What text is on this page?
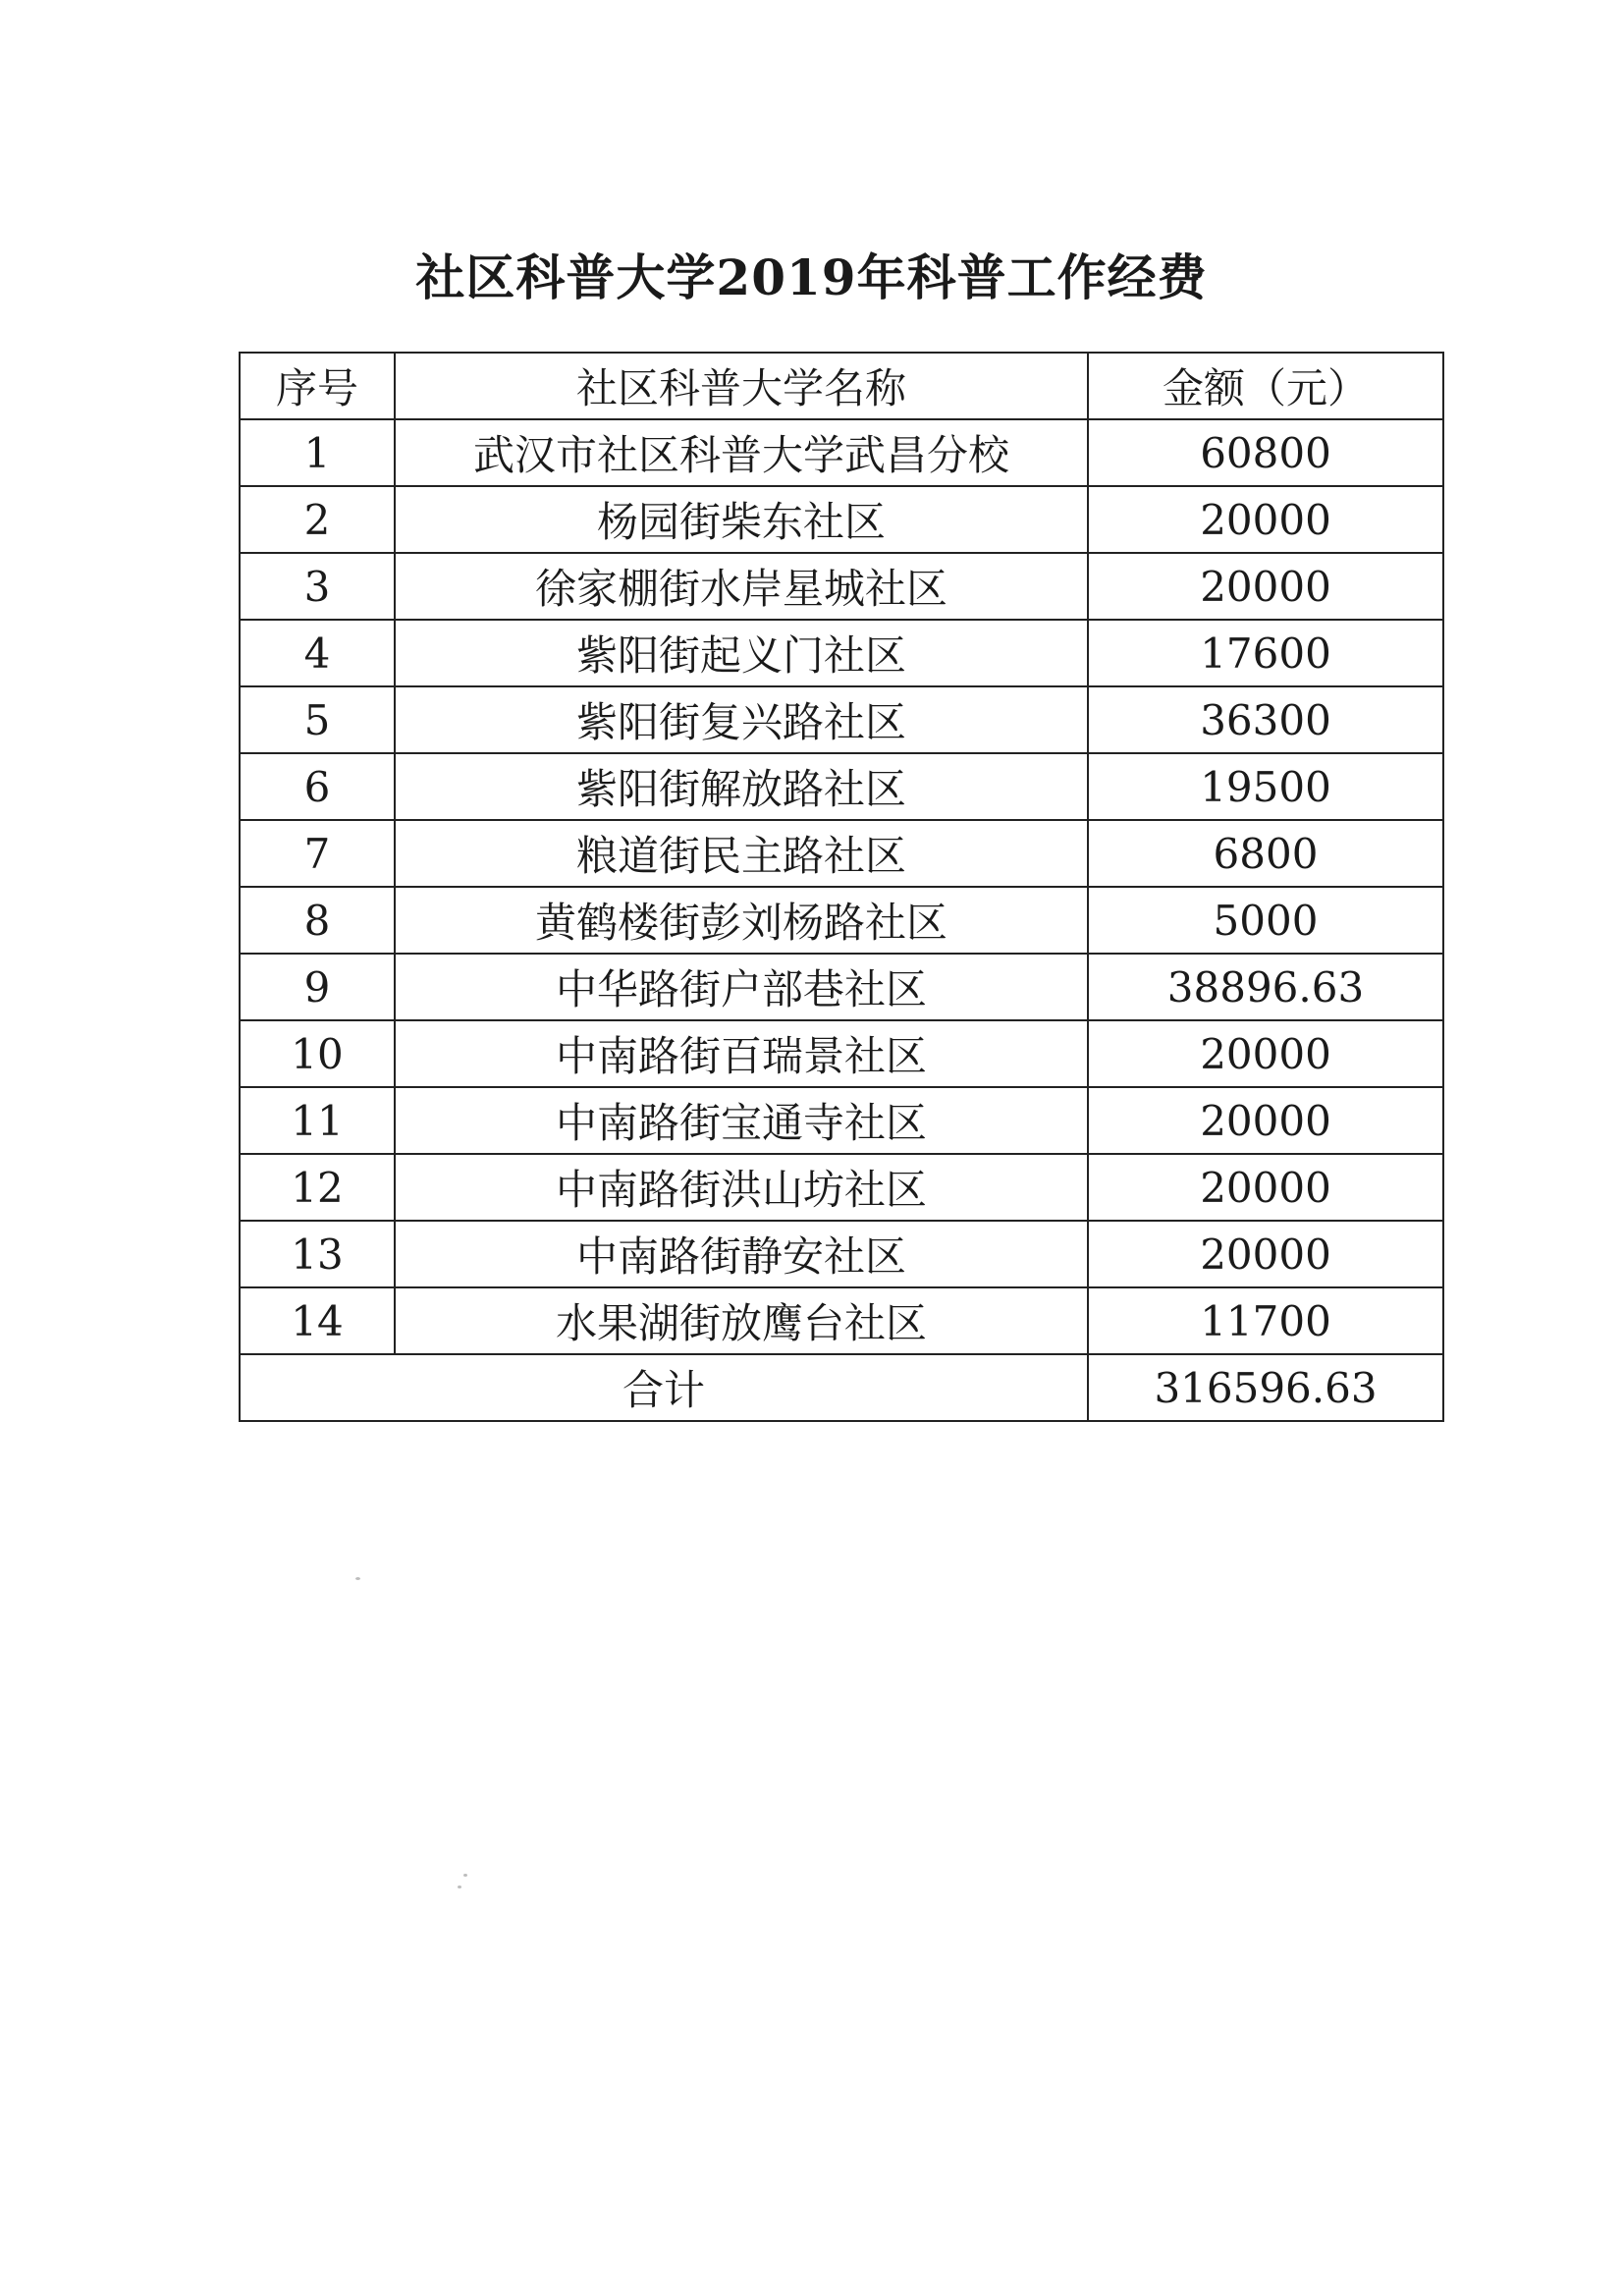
社区科普大学2019年科普工作经费
序号	社区科普大学名称	金额（元）
1	武汉市社区科普大学武昌分校	60800
2	杨园街柴东社区	20000
3	徐家棚街水岸星城社区	20000
4	紫阳街起义门社区	17600
5	紫阳街复兴路社区	36300
6	紫阳街解放路社区	19500
7	粮道街民主路社区	6800
8	黄鹤楼街彭刘杨路社区	5000
9	中华路街户部巷社区	38896.63
10	中南路街百瑞景社区	20000
11	中南路街宝通寺社区	20000
12	中南路街洪山坊社区	20000
13	中南路街静安社区	20000
14	水果湖街放鹰台社区	11700
合计		316596.63
